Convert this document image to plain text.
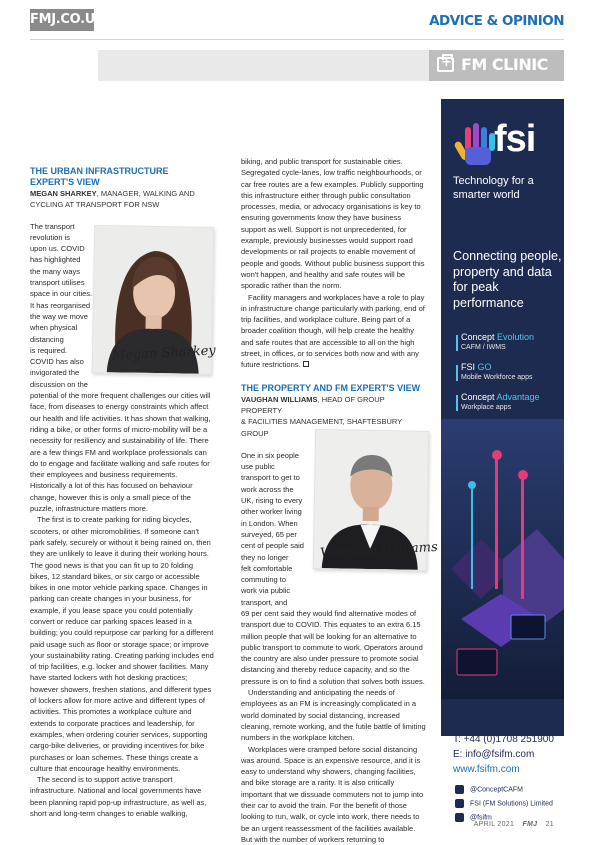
FMJ.CO.UK	ADVICE & OPINION
+
FM CLINIC
THE URBAN INFRASTRUCTURE
EXPERT'S VIEW
MEGAN SHARKEY, MANAGER, WALKING AND
CYCLING AT TRANSPORT FOR NSW
The transport
revolution is
upon us. COVID
has highlighted
the many ways
transport utilises
space in our cities.
It has reorganised
the way we move
when physical
distancing
is required.
COVID has also
invigorated the
discussion on the

potential of the more frequent challenges our cities will face, from diseases to energy constraints which affect our health and life activities. It has shown that walking, riding a bike, or other forms of micro-mobility will be a necessity for resiliency and sustainability of life. There are a few things FM and workplace professionals can do to engage and facilitate walking and safe routes for their employees and business requirements. Historically a lot of this has focused on behaviour change, however this is only a small piece of the puzzle, infrastructure matters more.

The first is to create parking for riding bicycles, scooters, or other micromobilities. If someone can't park safely, securely or without it being rained on, then they are unlikely to leave it during their working hours. The good news is that you can fit up to 20 folding bikes, 12 standard bikes, or six cargo or accessible bikes in one motor vehicle parking space. Changes in parking can create changes in your business, for example, if you lease space you could potentially convert or reduce car parking spaces leased in a building; you could repurpose car parking for a different paid usage such as floor or storage space; or improve your sustainability rating. Creating parking includes end of trip facilities, e.g. locker and shower facilities. Many have started lockers with hot desking practices; however showers, freshen stations, and different types of lockers allow for more active and different types of activities. This promotes a workplace culture and extends to corporate practices and leadership, for examples, when ordering courier services, supporting cargo-bike deliveries, or providing incentives for bike purchases or loan schemes. These things create a culture that encourage healthy environments.

The second is to support active transport infrastructure. National and local governments have been planning rapid pop-up infrastructure, as well as, short and long-term changes to enable walking,

Megan Sharkey

biking, and public transport for sustainable cities. Segregated cycle-lanes, low traffic neighbourhoods, or car free routes are a few examples. Publicly supporting this infrastructure either through public consultation processes, media, or advocacy organisations is key to ensuring governments know they have business support as well. Support is not unprecedented, for example, previously businesses would support road developments or rail projects to enable movement of people and goods. Without public business support this won't happen, and healthy and safe routes will be sporadic rather than the norm.

Facility managers and workplaces have a role to play in infrastructure change particularly with parking, end of trip facilities, and workplace culture. Being part of a broader coalition though, will help create the healthy and safe routes that are accessible to all on the high street, in offices, or to services both now and with any future restrictions.

THE PROPERTY AND FM EXPERT'S VIEW
VAUGHAN WILLIAMS, HEAD OF GROUP PROPERTY
& FACILITIES MANAGEMENT, SHAFTESBURY GROUP
One in six people
use public
transport to get to
work across the
UK, rising to every
other worker living
in London. When
surveyed, 65 per
cent of people said
they no longer
felt comfortable
commuting to
work via public
transport, and

69 per cent said they would find alternative modes of transport due to COVID. This equates to an extra 6.15 million people that will be looking for an alternative to public transport to commute to work. Operators around the country are also under pressure to promote social distancing and thereby reduce capacity, and so the pressure is on to find a solution that solves both issues.

Understanding and anticipating the needs of employees as an FM is increasingly complicated in a world dominated by social distancing, increased cleaning, remote working, and the futile battle of limiting numbers in the workplace kitchen.

Workplaces were cramped before social distancing was around. Space is an expensive resource, and it is easy to understand why showers, changing facilities, and bike storage are a rarity. It is also critically important that we dissuade commuters not to jump into their car to avoid the train. For the benefit of those looking to run, walk, or cycle into work, there needs to be an urgent reassessment of the facilities available. But with the number of workers returning to

Vaughan Williams
fsi
Technology for a smarter world
Connecting people, property and data for peak performance
Concept Evolution
CAFM / IWMS
FSI GO
Mobile Workforce apps
Concept Advantage
Workplace apps
T: +44 (0)1708 251900
E: info@fsifm.com
www.fsifm.com
@ConceptCAFM
FSI (FM Solutions) Limited
@fsifm
APRIL 2021 FMJ 21
